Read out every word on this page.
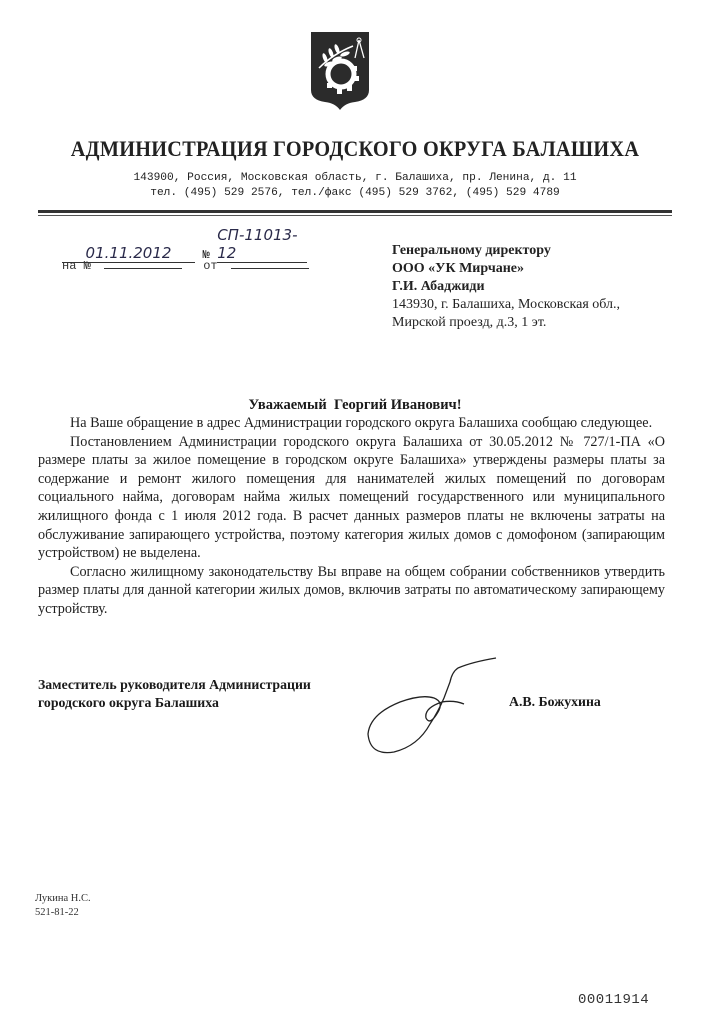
АДМИНИСТРАЦИЯ ГОРОДСКОГО ОКРУГА БАЛАШИХА
143900, Россия, Московская область, г. Балашиха, пр. Ленина, д. 11
тел. (495) 529 2576, тел./факс (495) 529 3762, (495) 529 4789
01.11.2012	№ СП-11013-12
на №	от
Генеральному директору
ООО «УК Мирчане»
Г.И. Абаджиди
143930, г. Балашиха, Московская обл.,
Мирской проезд, д.3, 1 эт.
Уважаемый  Георгий Иванович!

На Ваше обращение в адрес Администрации городского округа Балашиха сообщаю следующее.

Постановлением Администрации городского округа Балашиха от 30.05.2012 № 727/1-ПА «О размере платы за жилое помещение в городском округе Балашиха» утверждены размеры платы за содержание и ремонт жилого помещения для нанимателей жилых помещений по договорам социального найма, договорам найма жилых помещений государственного или муниципального жилищного фонда с 1 июля 2012 года. В расчет данных размеров платы не включены затраты на обслуживание запирающего устройства, поэтому категория жилых домов с домофоном (запирающим устройством) не выделена.

Согласно жилищному законодательству Вы вправе на общем собрании собственников утвердить размер платы для данной категории жилых домов, включив затраты по автоматическому запирающему устройству.

Заместитель руководителя Администрации
городского округа Балашиха	А.В. Божухина
Лукина Н.С.
521-81-22
00011914
